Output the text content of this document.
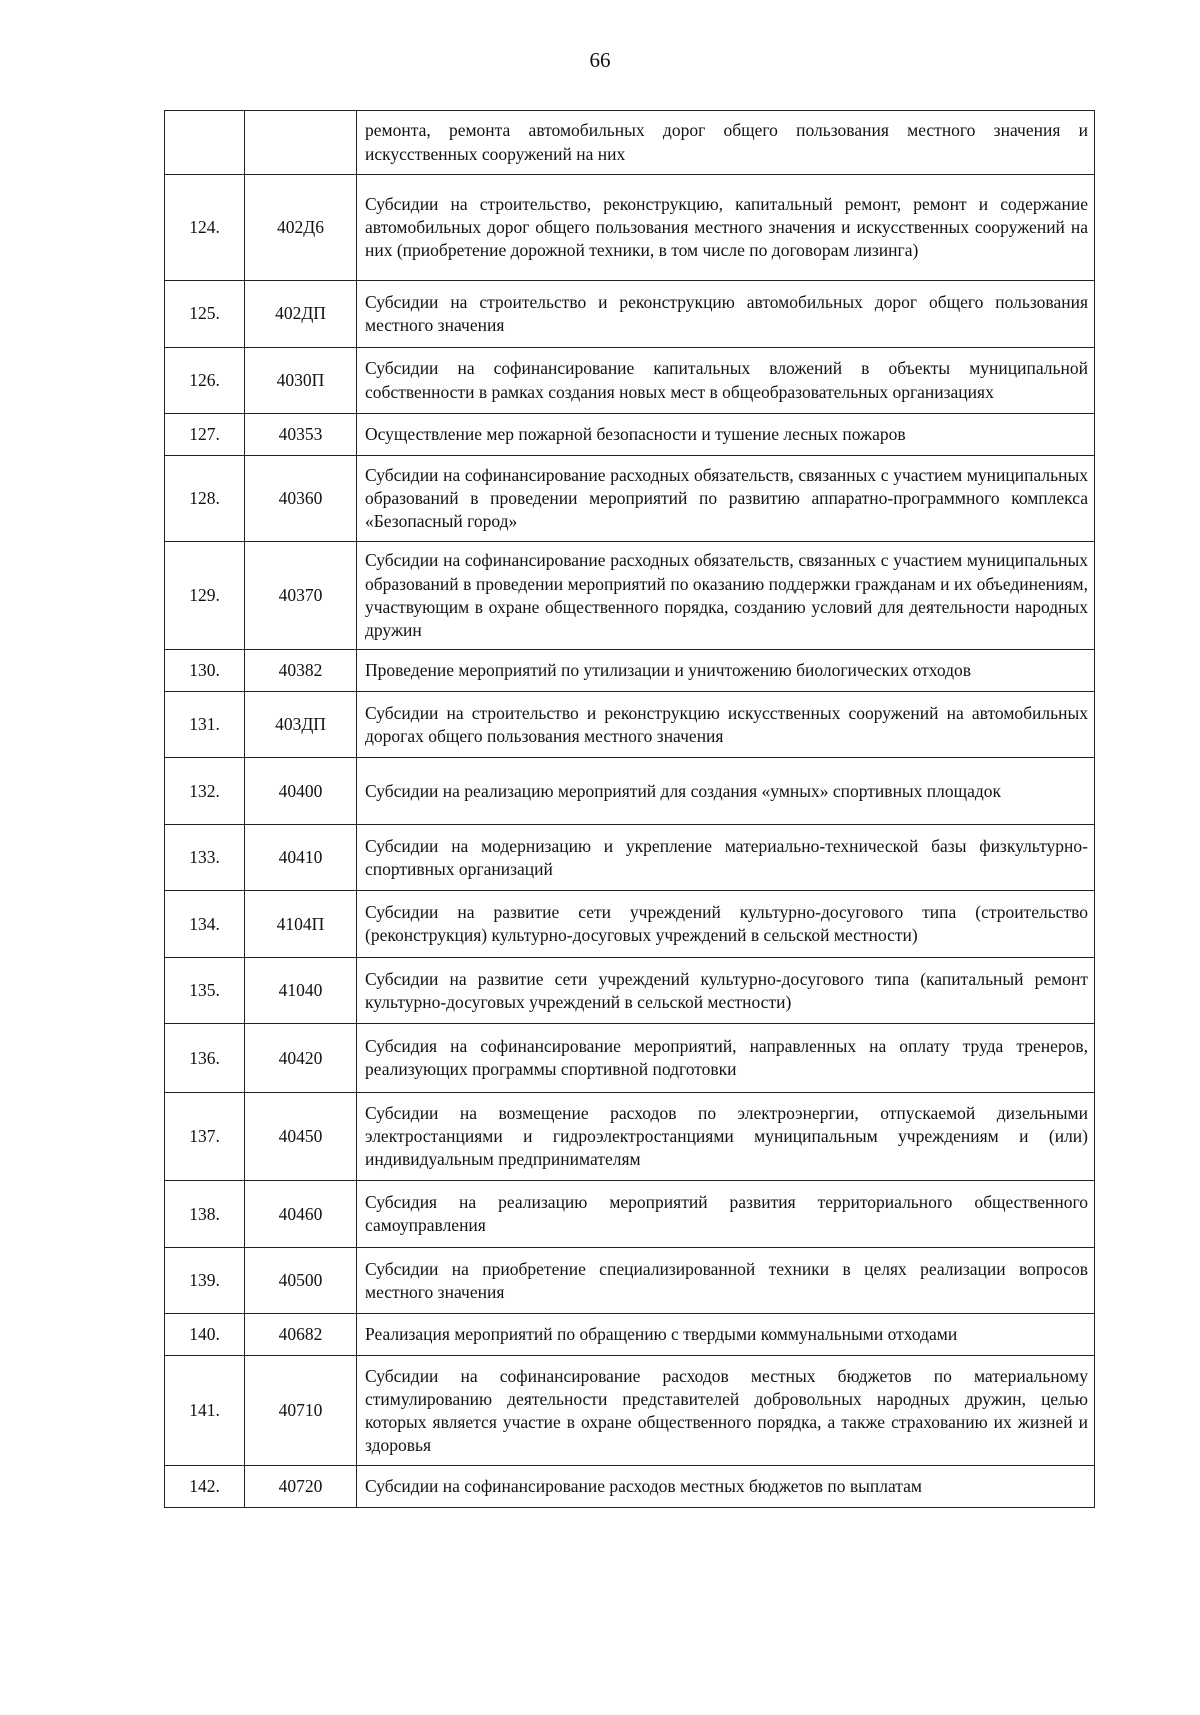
66
		ремонта, ремонта автомобильных дорог общего пользования местного значения и искусственных сооружений на них
124.	402Д6	Субсидии на строительство, реконструкцию, капитальный ремонт, ремонт и содержание автомобильных дорог общего пользования местного значения и искусственных сооружений на них (приобретение дорожной техники, в том числе по договорам лизинга)
125.	402ДП	Субсидии на строительство и реконструкцию автомобильных дорог общего пользования местного значения
126.	4030П	Субсидии на софинансирование капитальных вложений в объекты муниципальной собственности в рамках создания новых мест в общеобразовательных организациях
127.	40353	Осуществление мер пожарной безопасности и тушение лесных пожаров
128.	40360	Субсидии на софинансирование расходных обязательств, связанных с участием муниципальных образований в проведении мероприятий по развитию аппаратно-программного комплекса «Безопасный город»
129.	40370	Субсидии на софинансирование расходных обязательств, связанных с участием муниципальных образований в проведении мероприятий по оказанию поддержки гражданам и их объединениям, участвующим в охране общественного порядка, созданию условий для деятельности народных дружин
130.	40382	Проведение мероприятий по утилизации и уничтожению биологических отходов
131.	403ДП	Субсидии на строительство и реконструкцию искусственных сооружений на автомобильных дорогах общего пользования местного значения
132.	40400	Субсидии на реализацию мероприятий для создания «умных» спортивных площадок
133.	40410	Субсидии на модернизацию и укрепление материально-технической базы физкультурно-спортивных организаций
134.	4104П	Субсидии на развитие сети учреждений культурно-досугового типа (строительство (реконструкция) культурно-досуговых учреждений в сельской местности)
135.	41040	Субсидии на развитие сети учреждений культурно-досугового типа (капитальный ремонт культурно-досуговых учреждений в сельской местности)
136.	40420	Субсидия на софинансирование мероприятий, направленных на оплату труда тренеров, реализующих программы спортивной подготовки
137.	40450	Субсидии на возмещение расходов по электроэнергии, отпускаемой дизельными электростанциями и гидроэлектростанциями муниципальным учреждениям и (или) индивидуальным предпринимателям
138.	40460	Субсидия на реализацию мероприятий развития территориального общественного самоуправления
139.	40500	Субсидии на приобретение специализированной техники в целях реализации вопросов местного значения
140.	40682	Реализация мероприятий по обращению с твердыми коммунальными отходами
141.	40710	Субсидии на софинансирование расходов местных бюджетов по материальному стимулированию деятельности представителей добровольных народных дружин, целью которых является участие в охране общественного порядка, а также страхованию их жизней и здоровья
142.	40720	Субсидии на софинансирование расходов местных бюджетов по выплатам
